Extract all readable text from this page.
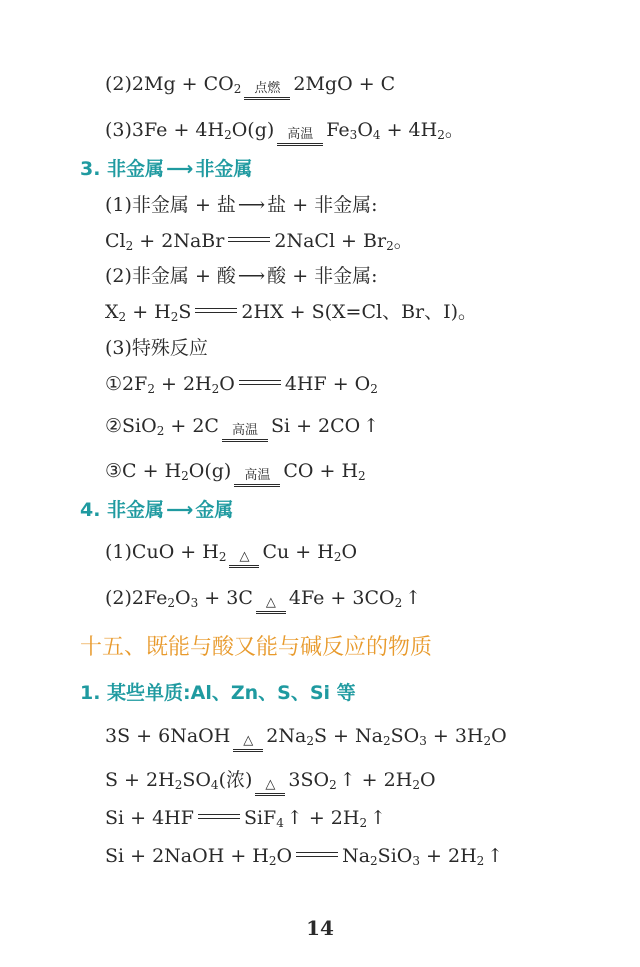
$(2)2Mg + CO_2$ 点燃 2MgO + C
$(3)3Fe + 4H_2O(g)$ 高温 $Fe_3O_4 + 4H_2$。
3. 非金属 ⟶ 非金属
(1)非金属 + 盐 ⟶ 盐 + 非金属:
$Cl_2$ + 2NaBr	2NaCl + $Br_2$。
(2)非金属 + 酸 ⟶ 酸 + 非金属:
$X_2 + H_2S$	2HX + S(X=Cl、Br、I)。
(3)特殊反应
$①2F_2 + 2H_2O$	$4HF + O_2$
②SiO$_2$ + 2C 高温 Si + 2CO ↑
③C + $H_2O(g)$ 高温 CO + $H_2$
4. 非金属 ⟶ 金属
$(1)CuO + H_2$ △ $Cu + H_2O$
$(2)2Fe_2O_3 + 3C$ △ $4Fe + 3CO_2$ ↑
十五、既能与酸又能与碱反应的物质
1. 某些单质:Al、Zn、S、Si 等
3S + 6NaOH △ $2Na_2S + Na_2SO_3 + 3H_2O$
$S + 2H_2SO_4$(浓) △ $3SO_2$ ↑ + $2H_2O$
Si + 4HF	SiF$_4$ ↑ + $2H_2$ ↑
Si + 2NaOH + $H_2O$	$Na_2SiO_3 + 2H_2$ ↑
14
